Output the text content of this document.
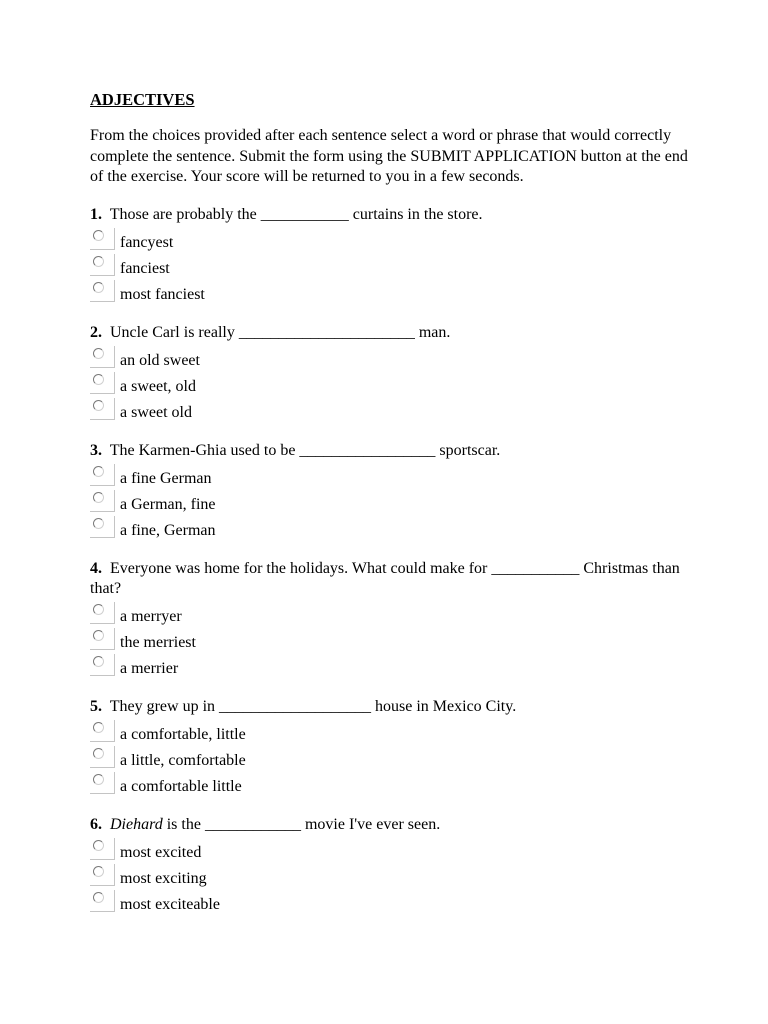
ADJECTIVES
From the choices provided after each sentence select a word or phrase that would correctly complete the sentence. Submit the form using the SUBMIT APPLICATION button at the end of the exercise. Your score will be returned to you in a few seconds.
1. Those are probably the ___________ curtains in the store.
fancyest
fanciest
most fanciest
2. Uncle Carl is really ______________________ man.
an old sweet
a sweet, old
a sweet old
3. The Karmen-Ghia used to be _________________ sportscar.
a fine German
a German, fine
a fine, German
4. Everyone was home for the holidays. What could make for ___________ Christmas than that?
a merryer
the merriest
a merrier
5. They grew up in ___________________ house in Mexico City.
a comfortable, little
a little, comfortable
a comfortable little
6. Diehard is the ____________ movie I've ever seen.
most excited
most exciting
most exciteable
